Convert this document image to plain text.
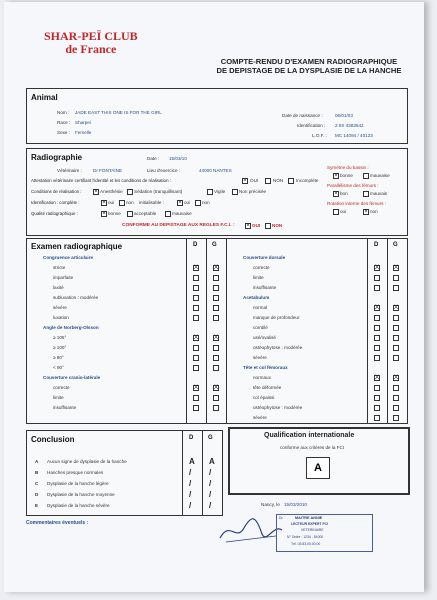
SHAR-PEÏ CLUB
de France
COMPTE-RENDU D'EXAMEN RADIOGRAPHIQUE
DE DEPISTAGE DE LA DYSPLASIE DE LA HANCHE
Animal
Nom : JADE EAST THIS ONE IS FOR THE GIRL
Race : Sharpei
Sexe : Femelle
Date de naissance :	06/01/03
Identification : 2 6X 4383542
L.O.F. : MC 14094 / 40123
Radiographie	Date : 15/03/10
Vétérinaire : Dr FONTAINE	Lieu d'exercice :	44000 NANTES
Attestation vétérinaire certifiant l'identité et les conditions de réalisation :	× OUI	NON	Incomplète
Conditions de réalisation : × Anesthésie Sédation (tranquillisant)	Vigile	Non précisée
Identification : complète :	× oui	non initialisable : × oui	non
Qualité radiographique :	× bonne	acceptable	mauvaise
Symétrie du bassin :
× bonne	mauvaise
Parallélisme des fémurs :
× bon	mauvais
Rotation interne des fémurs :
oui	× non
CONFORME AU DEPISTAGE AUX REGLES F.C.I. : × OUI	NON
Examen radiographique	D G	D G
Congruence articulaire
stricte	X	X
imparfaite
laxité
subluxation : modérée
sévère
luxation
Angle de Norberg-Olsson
≥ 105°	X	X
≥ 100°
≥ 90°
< 90°
Couverture cranio-latérale
correcte	X	X
limite
insuffisante
Couverture dorsale
correcte	X X
limite
insuffisante
Acetabulum
normal	X X
manque de profondeur
comblé
usé/ovalisé
ostéophytose : modérée
sévère
Tête et col fémoraux
normaux	X X
tête déformée
col épaissi
ostéophytose : modérée
sévère
Conclusion	D G
A Aucun signe de dysplasie de la hanche	A A
B Hanches presque normales	/ /
C Dysplasie de la hanche légère	/ /
D Dysplasie de la hanche moyenne	/ /
E Dysplasie de la hanche sévère	/ /
Qualification internationale
conforme aux critères de la FCI
A
Nancy, le 15/03/2010
Commentaires éventuels :
Dr.	MAITRE ANNIE
LECTEUR EXPERT FCI
VETERINAIRE
N° Ordre : 1234 - 54000
Tél. 03.83.00.00.00
